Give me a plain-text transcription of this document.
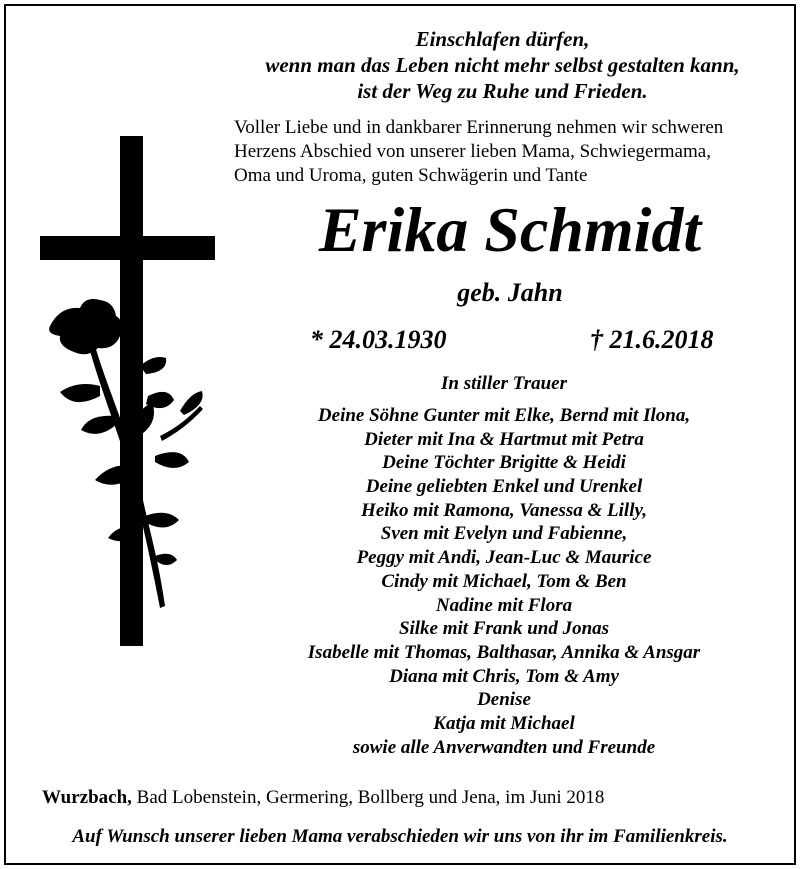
Einschlafen dürfen,
wenn man das Leben nicht mehr selbst gestalten kann,
ist der Weg zu Ruhe und Frieden.
Voller Liebe und in dankbarer Erinnerung nehmen wir schweren
Herzens Abschied von unserer lieben Mama, Schwiegermama,
Oma und Uroma, guten Schwägerin und Tante
Erika Schmidt
geb. Jahn
* 24.03.1930	† 21.6.2018
In stiller Trauer
Deine Söhne Gunter mit Elke, Bernd mit Ilona,
Dieter mit Ina & Hartmut mit Petra
Deine Töchter Brigitte & Heidi
Deine geliebten Enkel und Urenkel
Heiko mit Ramona, Vanessa & Lilly,
Sven mit Evelyn und Fabienne,
Peggy mit Andi, Jean-Luc & Maurice
Cindy mit Michael, Tom & Ben
Nadine mit Flora
Silke mit Frank und Jonas
Isabelle mit Thomas, Balthasar, Annika & Ansgar
Diana mit Chris, Tom & Amy
Denise
Katja mit Michael
sowie alle Anverwandten und Freunde
Wurzbach, Bad Lobenstein, Germering, Bollberg und Jena, im Juni 2018
Auf Wunsch unserer lieben Mama verabschieden wir uns von ihr im Familienkreis.
